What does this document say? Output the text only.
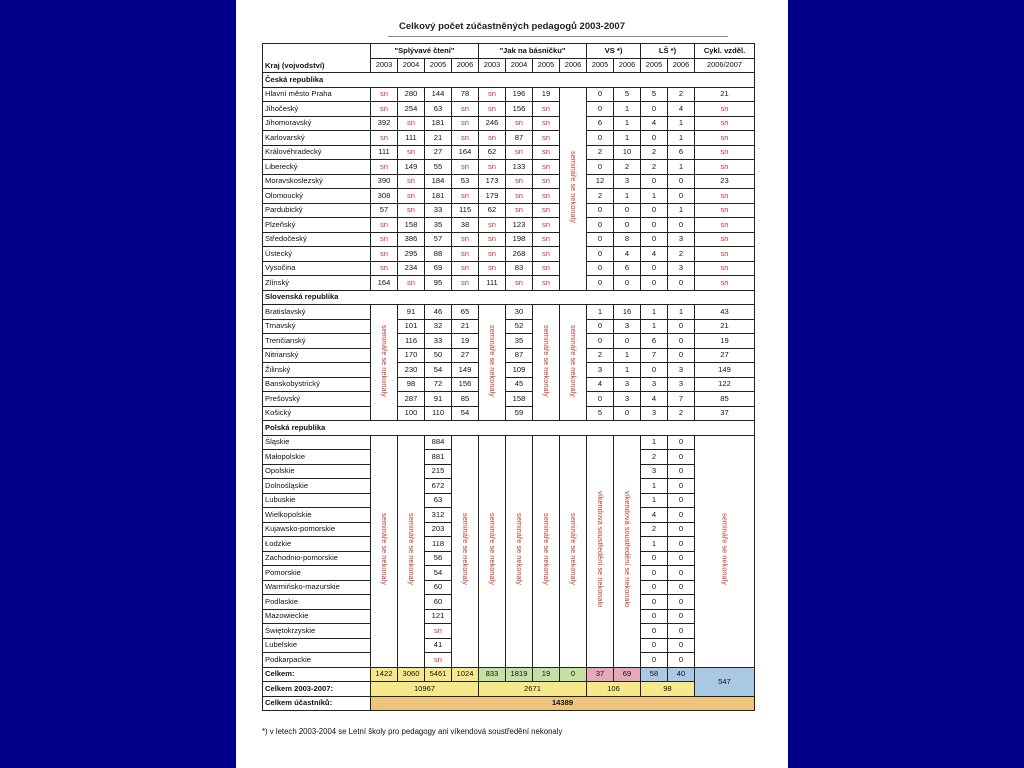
Celkový počet zúčastněných pedagogů 2003-2007
Kraj (vojvodství)	"Splývavé čtení"				"Jak na básničku"				VS *)		LŠ *)		Cykl. vzděl.
	2003	2004	2005	2006	2003	2004	2005	2006	2005	2006	2005	2006	2006/2007
Česká republika													
Hlavní město Praha	sn	280	144	78	sn	196	19	semináře se nekonaly	0	5	5	2	21
Jihočeský	sn	254	63	sn	sn	156	sn		0	1	0	4	sn
Jihomoravský	392	sn	181	sn	246	sn	sn		6	1	4	1	sn
Karlovarský	sn	111	21	sn	sn	87	sn		0	1	0	1	sn
Královéhradecký	111	sn	27	164	62	sn	sn		2	10	2	6	sn
Liberecký	sn	149	55	sn	sn	133	sn		0	2	2	1	sn
Moravskoslezský	390	sn	184	53	173	sn	sn		12	3	0	0	23
Olomoucký	308	sn	181	sn	179	sn	sn		2	1	1	0	sn
Pardubický	57	sn	33	115	62	sn	sn		0	0	0	1	sn
Plzeňský	sn	158	35	38	sn	123	sn		0	0	0	0	sn
Středočeský	sn	386	57	sn	sn	198	sn		0	8	0	3	sn
Ústecký	sn	295	88	sn	sn	268	sn		0	4	4	2	sn
Vysočina	sn	234	69	sn	sn	83	sn		0	6	0	3	sn
Zlínský	164	sn	95	sn	111	sn	sn		0	0	0	0	sn
Slovenská republika													
Bratislavský	semináře se nekonaly	91	46	65	semináře se nekonaly	30	semináře se nekonaly	semináře se nekonaly	1	16	1	1	43
Trnavský		101	32	21		52			0	3	1	0	21
Trenčianský		116	33	19		35			0	0	6	0	19
Nitrianský		170	50	27		87			2	1	7	0	27
Žilinský		230	54	149		109			3	1	0	3	149
Banskobystrický		98	72	156		45			4	3	3	3	122
Prešovský		287	91	85		158			0	3	4	7	85
Košický		100	110	54		59			5	0	3	2	37
Polská republika													
Śląskie	semináře se nekonaly	semináře se nekonaly	884	semináře se nekonaly	semináře se nekonaly	semináře se nekonaly	semináře se nekonaly	semináře se nekonaly	víkendová soustředění se nekonalo	víkendová soustředění se nekonalo	1	0	semináře se nekonaly
Małopolskie			881								2	0	
Opolskie			215								3	0	
Dolnośląskie			672								1	0	
Lubuskie			63								1	0	
Wielkopolskie			312								4	0	
Kujawsko-pomorskie			203								2	0	
Łodzkie			118								1	0	
Zachodnio-pomorskie			56								0	0	
Pomorskie			54								0	0	
Warmińsko-mazurskie			60								0	0	
Podlaskie			60								0	0	
Mazowieckie			121								0	0	
Świętokrzyskie			sn								0	0	
Lubelskie			41								0	0	
Podkarpackie			sn								0	0	
Celkem:	1422	3060	5461	1024	833	1819	19	0	37	69	58	40	547
Celkem 2003-2007:	10967				2671				106		98		
Celkem účastníků:	14389												
*) v letech 2003-2004 se Letní školy pro pedagogy ani víkendová soustředění nekonaly
